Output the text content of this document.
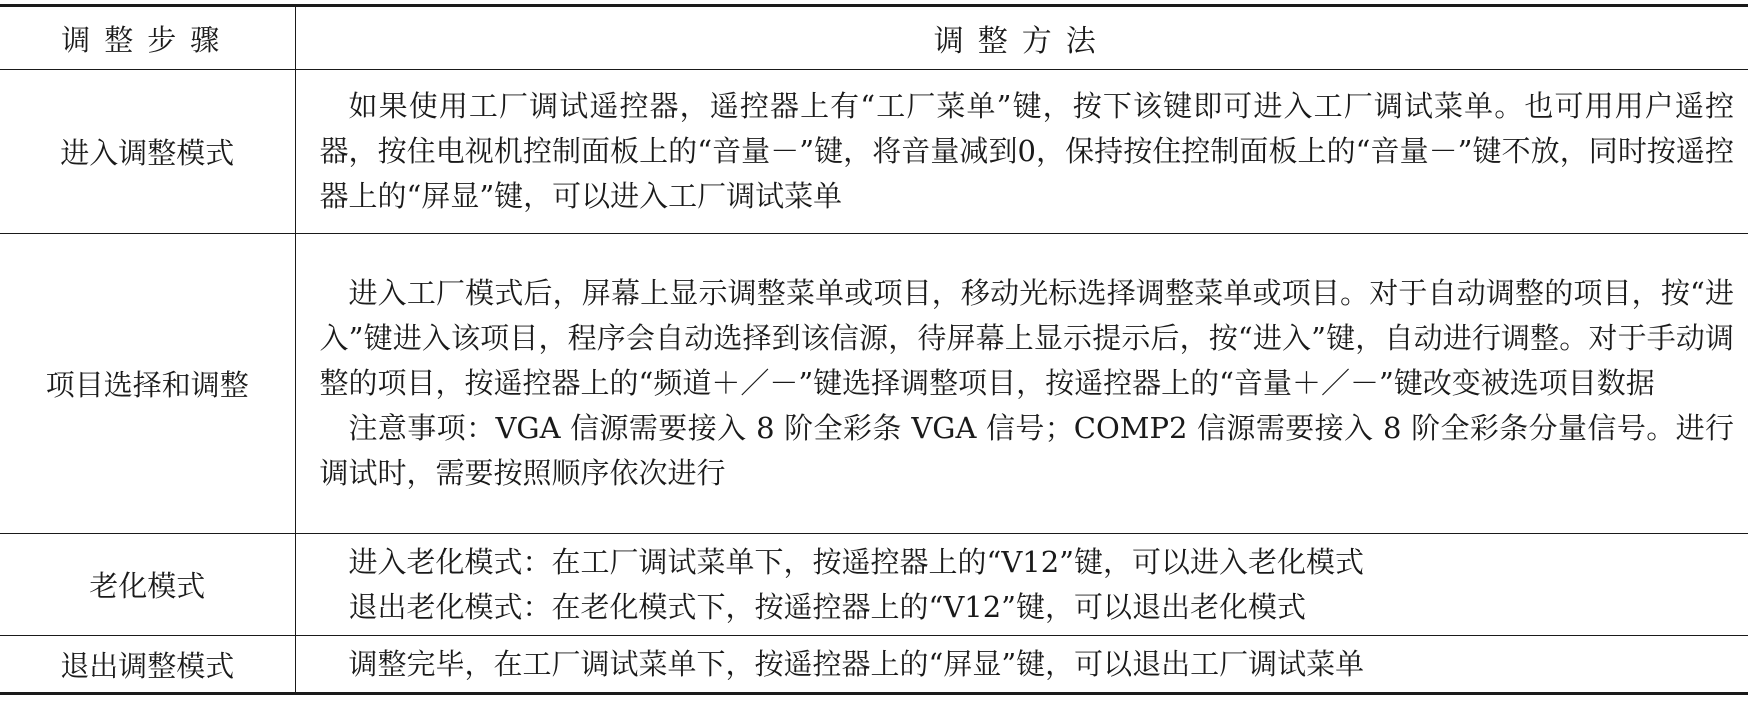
调整步骤	调整方法
进入调整模式	如果使用工厂调试遥控器，遥控器上有“工厂菜单”键，按下该键即可进入工厂调试菜单。也可用用户遥控器，按住电视机控制面板上的“音量－”键，将音量减到0，保持按住控制面板上的“音量－”键不放，同时按遥控器上的“屏显”键，可以进入工厂调试菜单

项目选择和调整	进入工厂模式后，屏幕上显示调整菜单或项目，移动光标选择调整菜单或项目。对于自动调整的项目，按“进入”键进入该项目，程序会自动选择到该信源，待屏幕上显示提示后，按“进入”键，自动进行调整。对于手动调整的项目，按遥控器上的“频道＋／－”键选择调整项目，按遥控器上的“音量＋／－”键改变被选项目数据

注意事项：VGA 信源需要接入 8 阶全彩条 VGA 信号；COMP2 信源需要接入 8 阶全彩条分量信号。进行调试时，需要按照顺序依次进行

老化模式	进入老化模式：在工厂调试菜单下，按遥控器上的“V12”键，可以进入老化模式

退出老化模式：在老化模式下，按遥控器上的“V12”键，可以退出老化模式

退出调整模式	调整完毕，在工厂调试菜单下，按遥控器上的“屏显”键，可以退出工厂调试菜单
